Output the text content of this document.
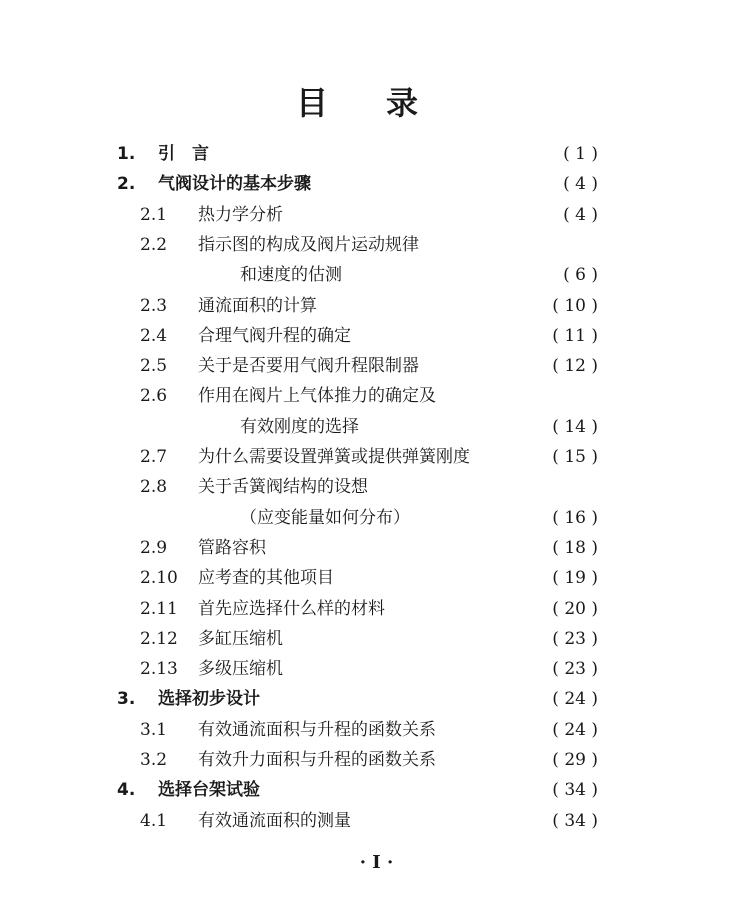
目 录
1. 引　言	( 1 )
2. 气阀设计的基本步骤	( 4 )
2.1 热力学分析	( 4 )
2.2 指示图的构成及阀片运动规律
和速度的估测	( 6 )
2.3 通流面积的计算	( 10 )
2.4 合理气阀升程的确定	( 11 )
2.5 关于是否要用气阀升程限制器	( 12 )
2.6 作用在阀片上气体推力的确定及
有效刚度的选择	( 14 )
2.7 为什么需要设置弹簧或提供弹簧刚度	( 15 )
2.8 关于舌簧阀结构的设想
（应变能量如何分布）	( 16 )
2.9 管路容积	( 18 )
2.10 应考查的其他项目	( 19 )
2.11 首先应选择什么样的材料	( 20 )
2.12 多缸压缩机	( 23 )
2.13 多级压缩机	( 23 )
3. 选择初步设计	( 24 )
3.1 有效通流面积与升程的函数关系	( 24 )
3.2 有效升力面积与升程的函数关系	( 29 )
4. 选择台架试验	( 34 )
4.1 有效通流面积的测量	( 34 )
· I ·
